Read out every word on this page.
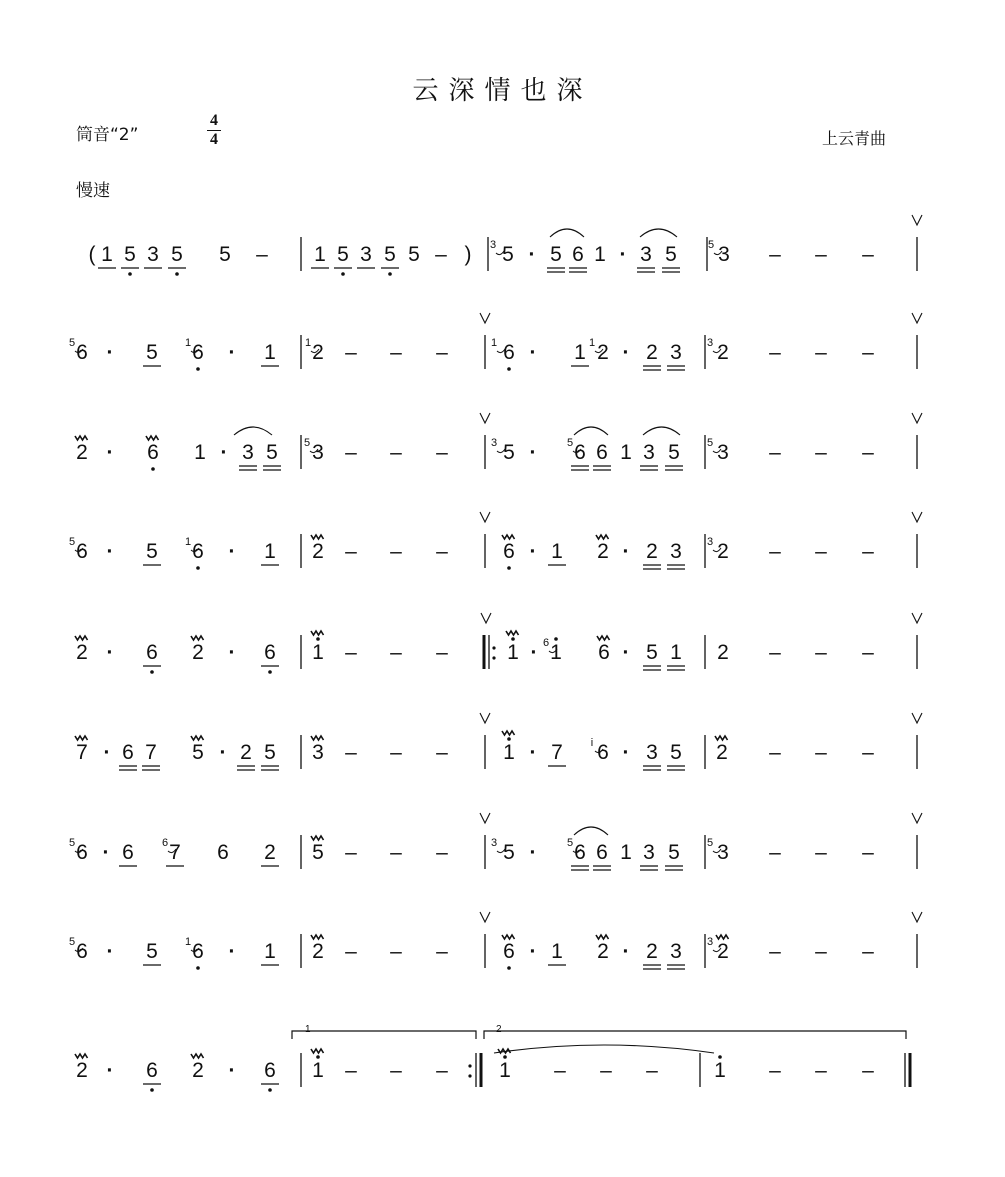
云深情也深
筒音“2”
4
4	上云青曲
慢速
( 1 5 3 5 5 – 1 5 3 5 5 – ) 3 5 · 5 6 1 · 3 5	5 3 – – –
5 6 · 5 1 6 · 1	1 2 – – –	1 6 · 1 1 2 · 2 3 3 2 – – –
2 · 6 1 · 3 5 5 3 – – –	3 5 ·	5 6 6 1 3 5 5 3 – – –
5 6 · 5 1 6 · 1 2 – – –	6 · 1 2 · 2 3 3 2 – – –
2 · 6 2 · 6 1 – – –	1 · 6 1 6 · 5 1 2 – – –
7 · 6 7 5 · 2 5 3 – – –	1 · 7	i 6 · 3 5 2 – – –
5 6 · 6	6 7 6 2 5 – – –	3 5 ·	5 6 6 1 3 5 5 3 – – –
5 6 · 5 1 6 · 1 2 – – –	6 · 1 2 · 2 3 3 2 – – –
2 · 6 2 · 6 1 – – – 1 – – –	1 – – –
1	2
